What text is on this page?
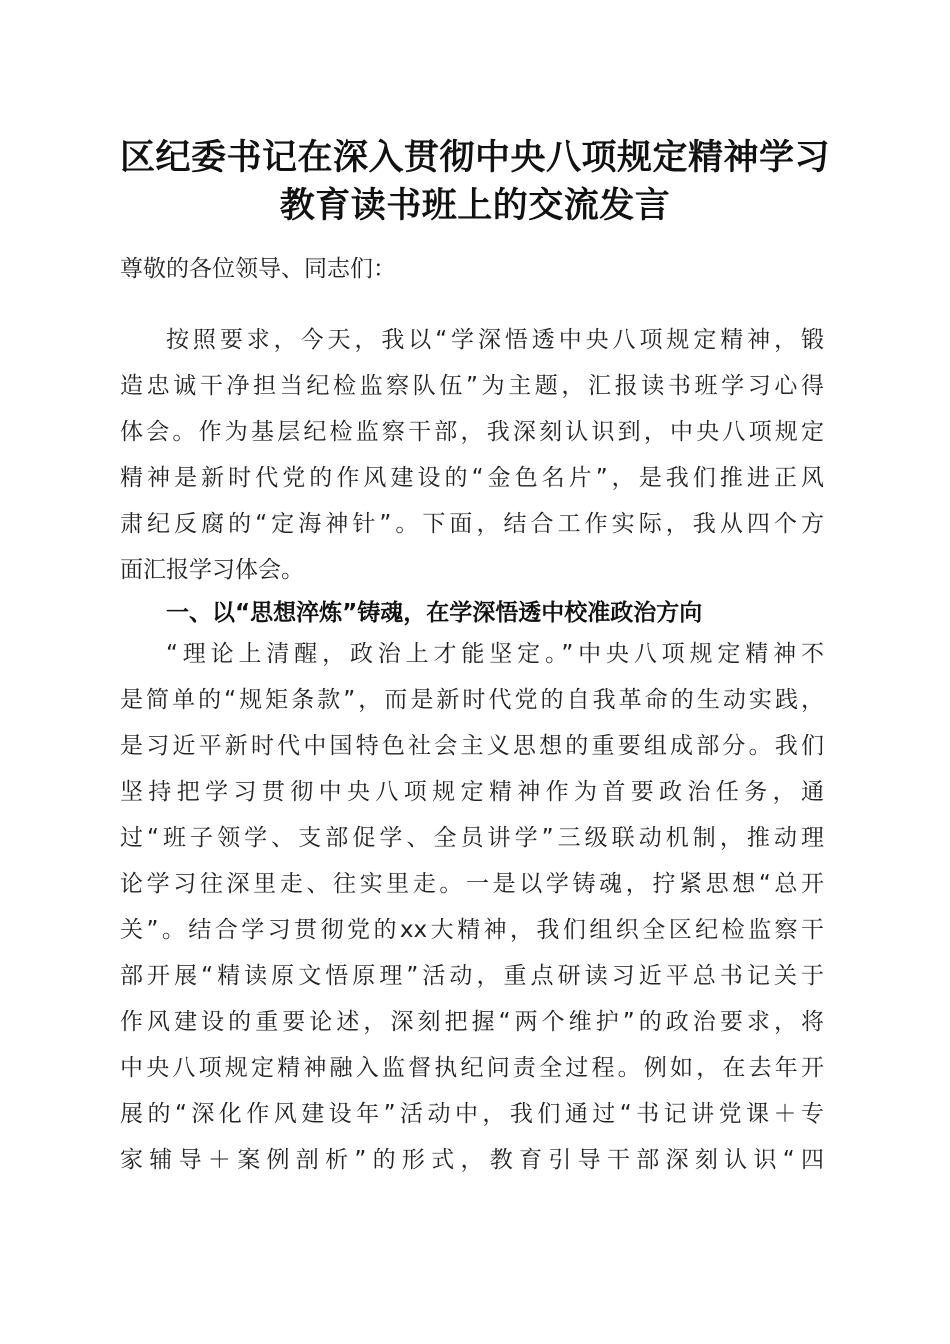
区纪委书记在深入贯彻中央八项规定精神学习
教育读书班上的交流发言
尊敬的各位领导、同志们：
按照要求，今天，我以“学深悟透中央八项规定精神，锻
造忠诚干净担当纪检监察队伍”为主题，汇报读书班学习心得
体会。作为基层纪检监察干部，我深刻认识到，中央八项规定
精神是新时代党的作风建设的“金色名片”，是我们推进正风
肃纪反腐的“定海神针”。下面，结合工作实际，我从四个方
面汇报学习体会。
一、以“思想淬炼”铸魂，在学深悟透中校准政治方向
“理论上清醒，政治上才能坚定。”中央八项规定精神不
是简单的“规矩条款”，而是新时代党的自我革命的生动实践，
是习近平新时代中国特色社会主义思想的重要组成部分。我们
坚持把学习贯彻中央八项规定精神作为首要政治任务，通
过“班子领学、支部促学、全员讲学”三级联动机制，推动理
论学习往深里走、往实里走。一是以学铸魂，拧紧思想“总开
关”。结合学习贯彻党的xx大精神，我们组织全区纪检监察干
部开展“精读原文悟原理”活动，重点研读习近平总书记关于
作风建设的重要论述，深刻把握“两个维护”的政治要求，将
中央八项规定精神融入监督执纪问责全过程。例如，在去年开
展的“深化作风建设年”活动中，我们通过“书记讲党课＋专
家辅导＋案例剖析”的形式，教育引导干部深刻认识“四
